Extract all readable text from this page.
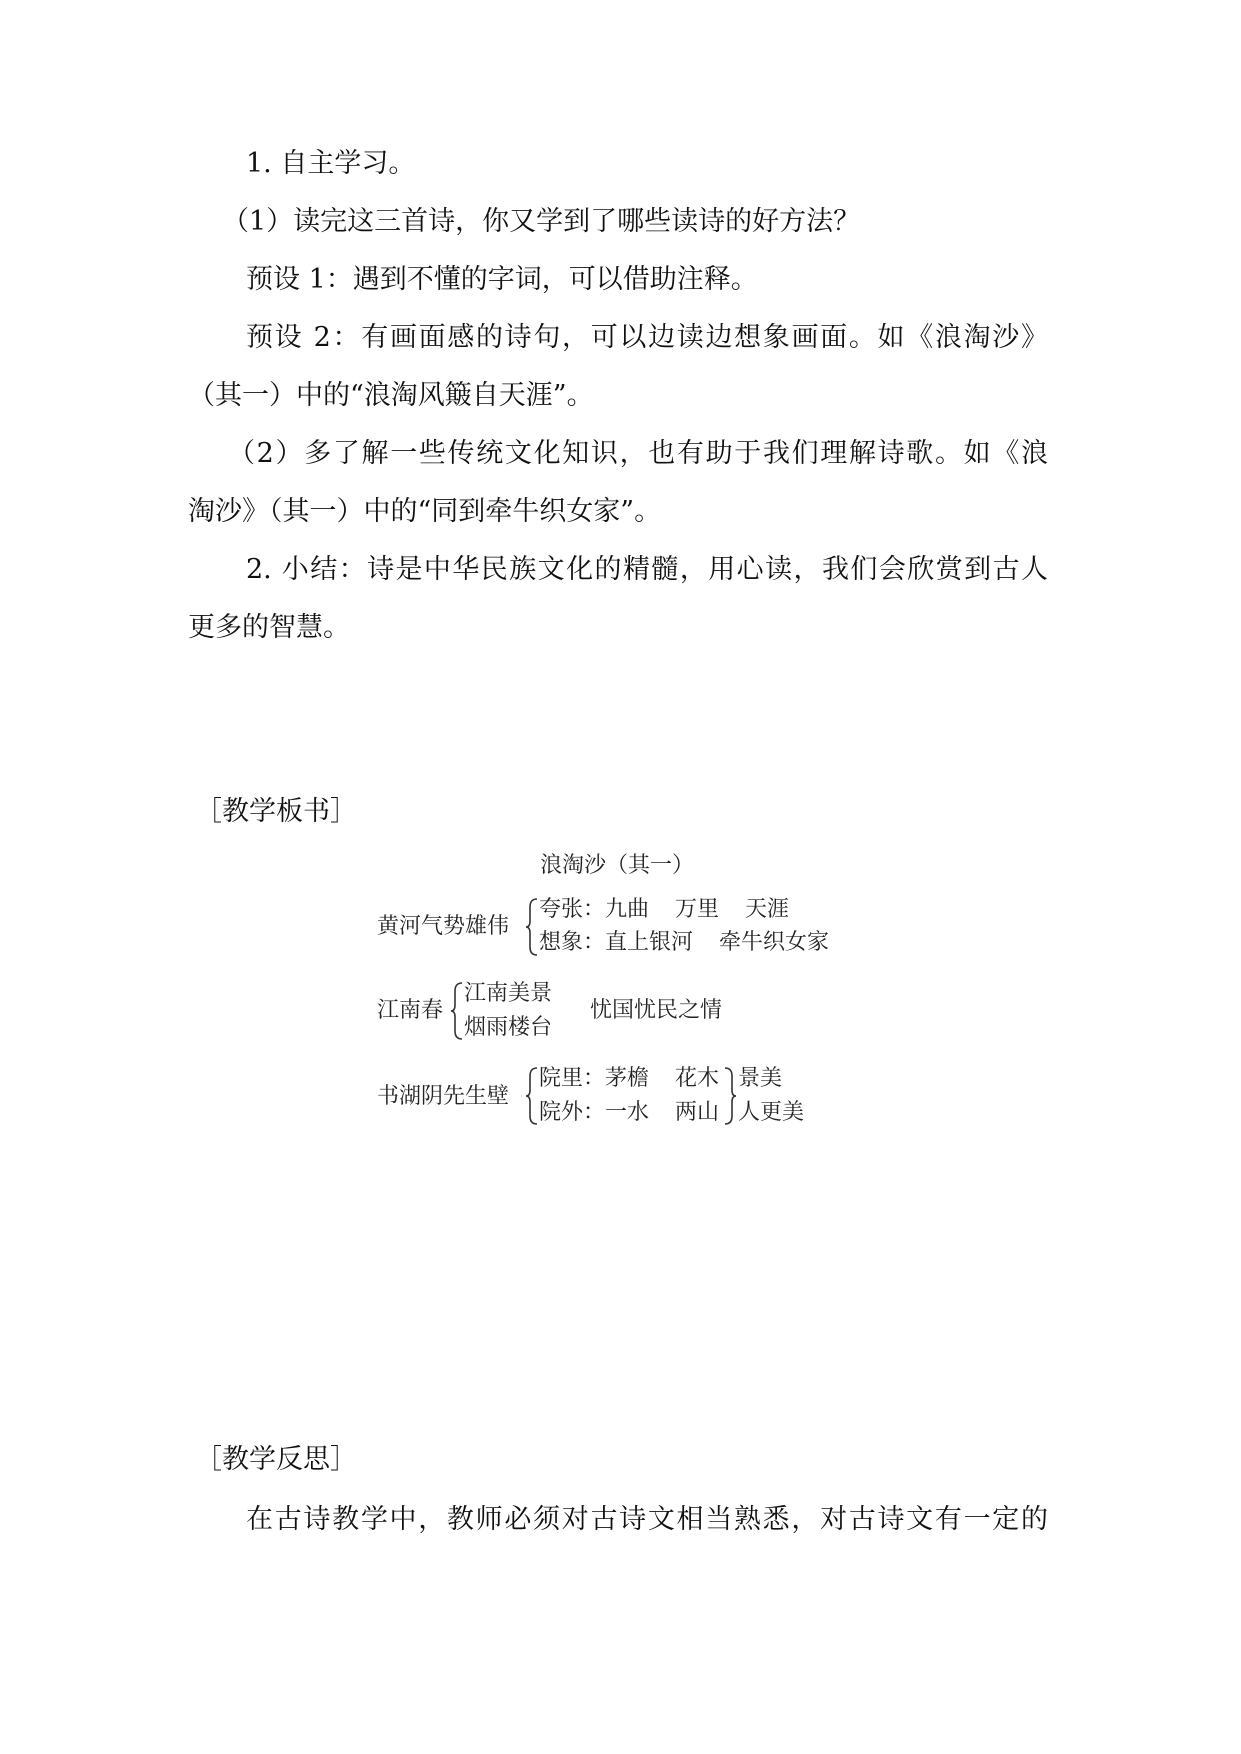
1. 自主学习。
（1）读完这三首诗，你又学到了哪些读诗的好方法？
预设 1：遇到不懂的字词，可以借助注释。
预设 2：有画面感的诗句，可以边读边想象画面。如《浪淘沙》
（其一）中的“浪淘风簸自天涯”。
（2）多了解一些传统文化知识，也有助于我们理解诗歌。如《浪
淘沙》（其一）中的“同到牵牛织女家”。
2. 小结：诗是中华民族文化的精髓，用心读，我们会欣赏到古人
更多的智慧。
［教学板书］
浪淘沙（其一）
黄河气势雄伟
夸张：九曲 万里 天涯
想象：直上银河 牵牛织女家
江南春
江南美景
烟雨楼台
忧国忧民之情
书湖阴先生壁
院里：茅檐 花木
院外：一水 两山
景美
人更美
［教学反思］
在古诗教学中，教师必须对古诗文相当熟悉，对古诗文有一定的
